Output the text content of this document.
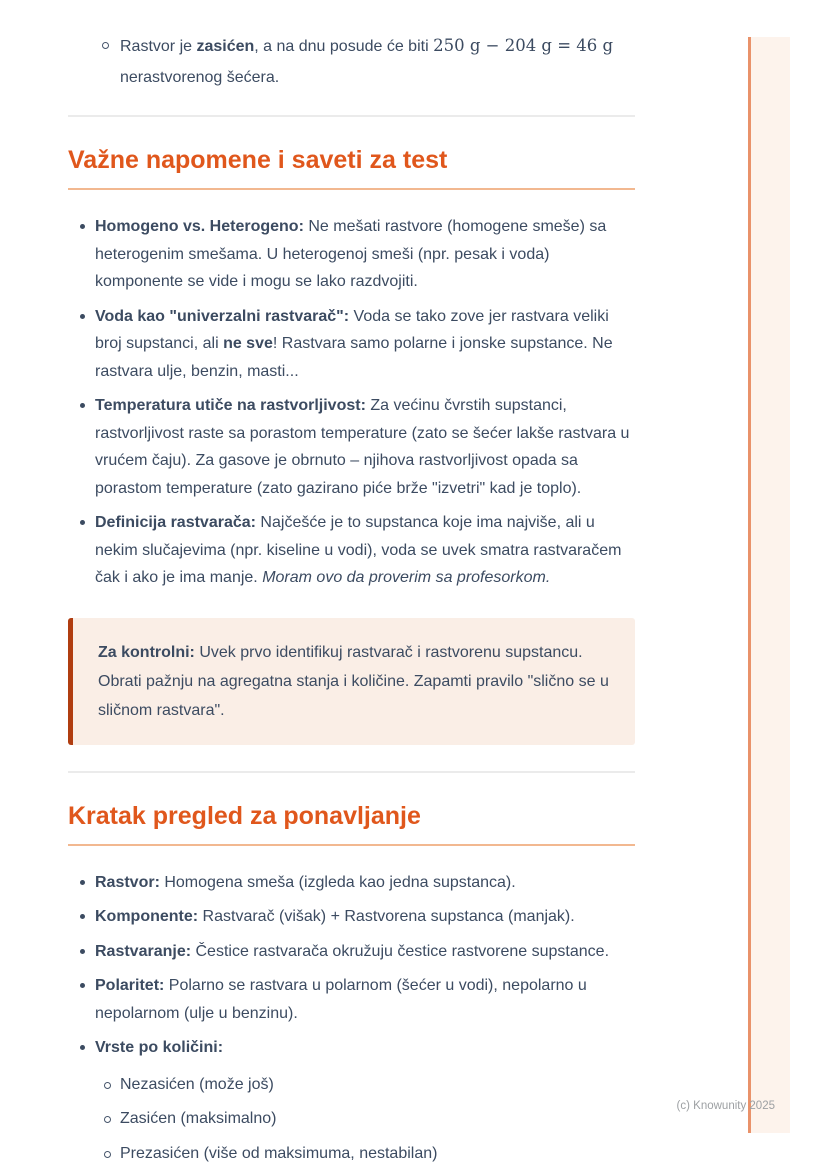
Rastvor je zasićen, a na dnu posude će biti 250 g − 204 g = 46 g nerastvorenog šećera.
Važne napomene i saveti za test
Homogeno vs. Heterogeno: Ne mešati rastvore (homogene smeše) sa heterogenim smešama. U heterogenoj smeši (npr. pesak i voda) komponente se vide i mogu se lako razdvojiti.
Voda kao "univerzalni rastvarač": Voda se tako zove jer rastvara veliki broj supstanci, ali ne sve! Rastvara samo polarne i jonske supstance. Ne rastvara ulje, benzin, masti...
Temperatura utiče na rastvorljivost: Za većinu čvrstih supstanci, rastvorljivost raste sa porastom temperature (zato se šećer lakše rastvara u vrućem čaju). Za gasove je obrnuto – njihova rastvorljivost opada sa porastom temperature (zato gazirano piće brže "izvetri" kad je toplo).
Definicija rastvarača: Najčešće je to supstanca koje ima najviše, ali u nekim slučajevima (npr. kiseline u vodi), voda se uvek smatra rastvaračem čak i ako je ima manje. Moram ovo da proverim sa profesorkom.

Za kontrolni: Uvek prvo identifikuj rastvarač i rastvorenu supstancu. Obrati pažnju na agregatna stanja i količine. Zapamti pravilo "slično se u sličnom rastvara".

Kratak pregled za ponavljanje
Rastvor: Homogena smeša (izgleda kao jedna supstanca).
Komponente: Rastvarač (višak) + Rastvorena supstanca (manjak).
Rastvaranje: Čestice rastvarača okružuju čestice rastvorene supstance.
Polaritet: Polarno se rastvara u polarnom (šećer u vodi), nepolarno u nepolarnom (ulje u benzinu).
Vrste po količini:
Nezasićen (može još)
Zasićen (maksimalno)
Prezasićen (više od maksimuma, nestabilan)
(c) Knowunity 2025
